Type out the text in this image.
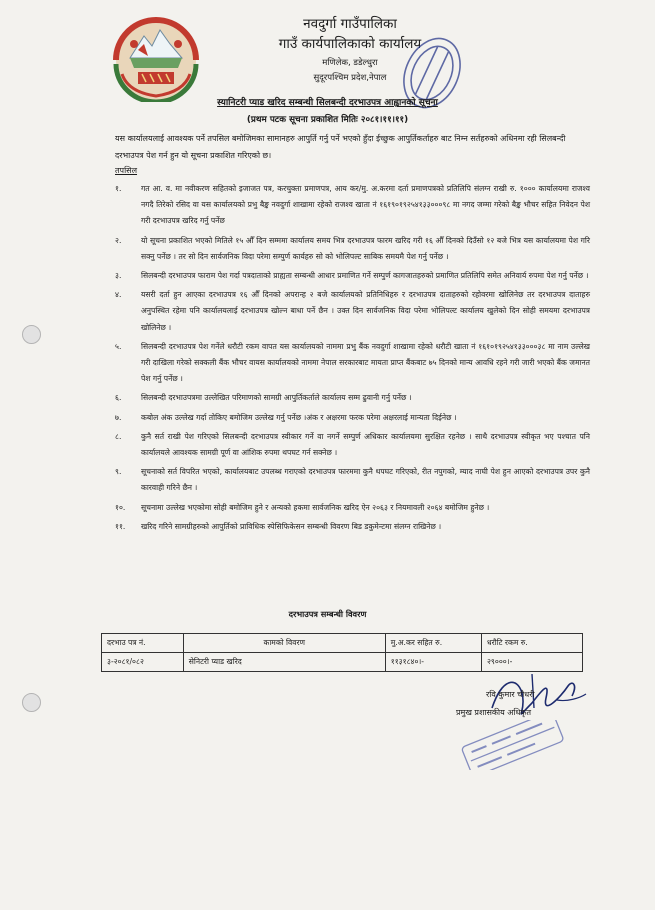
नवदुर्गा गाउँपालिका
गाउँ कार्यपालिकाको कार्यालय
मणिलेक, डडेल्धुरा
सुदूरपश्चिम प्रदेश,नेपाल
स्यानिटरी प्याड खरिद सम्बन्धी सिलबन्दी दरभाउपत्र आह्वानको सूचना
(प्रथम पटक सूचना प्रकाशित मितिः २०८१।११।११)
यस कार्यालयलाई आवश्यक पर्ने तपसिल बमोजिमका सामानहरु आपुर्ति गर्नु पर्ने भएको हुँदा ईच्छुक आपुर्तिकर्ताहरु बाट निम्न सर्तहरुको अधिनमा रही सिलबन्दी दरभाउपत्र पेश गर्न हुन यो सूचना प्रकाशित गरिएको छ।
तपसिल
१.	गत आ. व. मा नवीकरण सहितको इजाजत पत्र, करचुक्ता प्रमाणपत्र, आय कर/मु. अ.करमा दर्ता प्रमाणपत्रको प्रतिलिपि संलग्न राखी रु. १००० कार्यालयमा राजश्व नगदै तिरेको रसिद वा यस कार्यालयको प्रभु बैङ्क नवदुर्गा शाखामा रहेको राजश्व खाता नं १६१९०१९२५४१३३०००९८ मा नगद जम्मा गरेको बैङ्क भौचर सहित निवेदन पेश गरी दरभाउपत्र खरिद गर्नु पर्नेछ
२.	यो सूचना प्रकाशित भएको मितिले १५ औँ दिन सम्ममा कार्यालय समय भित्र दरभाउपत्र फारम खरिद गरी १६ औँ दिनको दिउँसो १२ बजे भित्र यस कार्यालयमा पेश गरि सक्नु पर्नेछ । तर सो दिन सार्वजनिक विदा परेमा सम्पुर्ण कार्यहरु सो को भोलिपल्ट साबिक समयमै पेश गर्नु पर्नेछ ।
३.	सिलबन्दी दरभाउपत्र फाराम पेश गर्दा पत्रदाताको प्राह्यता सम्बन्धी आधार प्रमाणित गर्ने सम्पुर्ण कागजातहरुको प्रमाणित प्रतिलिपि समेत अनिवार्य रुपमा पेश गर्नु पर्नेछ ।
४.	यसरी दर्ता हुन आएका दरभाउपत्र १६ औँ दिनको अपरान्ह २ बजे कार्यालयको प्रतिनिधिहरु र दरभाउपत्र दाताहरुको रहोवरमा खोलिनेछ तर दरभाउपत्र दाताहरु अनुपस्थित रहेमा पनि कार्यालयलाई दरभाउपत्र खोल्न बाधा पर्ने छैन । उक्त दिन सार्वजनिक विदा परेमा भोलिपल्ट कार्यालय खुलेको दिन सोही समयमा दरभाउपत्र खोलिनेछ ।
५.	सिलबन्दी दरभाउपत्र पेश गर्नेले धरौटी रकम वापत यस कार्यालयको नाममा प्रभु बैंक नवदुर्गा शाखामा रहेको धरौटी खाता नं १६१०१९२५४१३३०००३८ मा नाम उल्लेख गरी दाखिला गरेको सक्कली बैंक भौचर वायस कार्यालयको नाममा नेपाल सरकारबाट मायता प्राप्त बैंकबाट ७५ दिनको मान्य आवधि रहने गरी जारी भएको बैंक जमानत पेश गर्नु पर्नेछ ।
६.	सिलबन्दी दरभाउपत्रमा उल्लेखित परिमाणको सामग्री आपुर्तिकर्ताले कार्यालय सम्म ढुवानी गर्नु पर्नेछ ।
७.	कबोल अंक उल्लेख गर्दा तोकिए बमोजिम उल्लेख गर्नु पर्नेछ ।अंक र अक्षरमा फरक परेमा अक्षरलाई मान्यता दिईनेछ ।
८.	कुनै सर्त राखी पेश गरिएको सिलबन्दी दरभाउपत्र स्वीकार गर्ने वा नगर्ने सम्पुर्ण अधिकार कार्यालयमा सुरक्षित रहनेछ । साथै दरभाउपत्र स्वीकृत भए पश्चात पनि कार्यालयले आवश्यक सामग्री पूर्ण वा आंशिक रुपमा थपघट गर्न सक्नेछ ।
९.	सूचनाको सर्त विपरित भएको, कार्यालयबाट उपलब्ध गराएको दरभाउपत्र फारममा कुनै थपघट गरिएको, रीत नपुगको, म्याद नाघी पेश हुन आएको दरभाउपत्र उपर कुनै कारवाही गरिने छैन ।
१०. सूचनामा उल्लेख भएकोमा सोही बमोजिम हुने र अन्यको हकमा सार्वजनिक खरिद ऐन २०६३ र नियमावली २०६४ बमोजिम हुनेछ ।
११. खरिद गरिने सामग्रीहरुको आपुर्तिको प्राविधिक स्पेसिफिकेसन सम्बन्धी विवरण बिड डकुमेन्टमा संलग्न राखिनेछ ।
दरभाउपत्र सम्बन्धी विवरण
दरभाउ पत्र नं.	कामको विवरण	मु.अ.कर सहित रु.	धरौटि रकम रु.
३-२०८१/०८२	सेनिटरी प्याड खरिद	११३१८४०।-	२९०००।-
रवि कुमार चौधरी
प्रमुख प्रशासकीय अधिकृत
